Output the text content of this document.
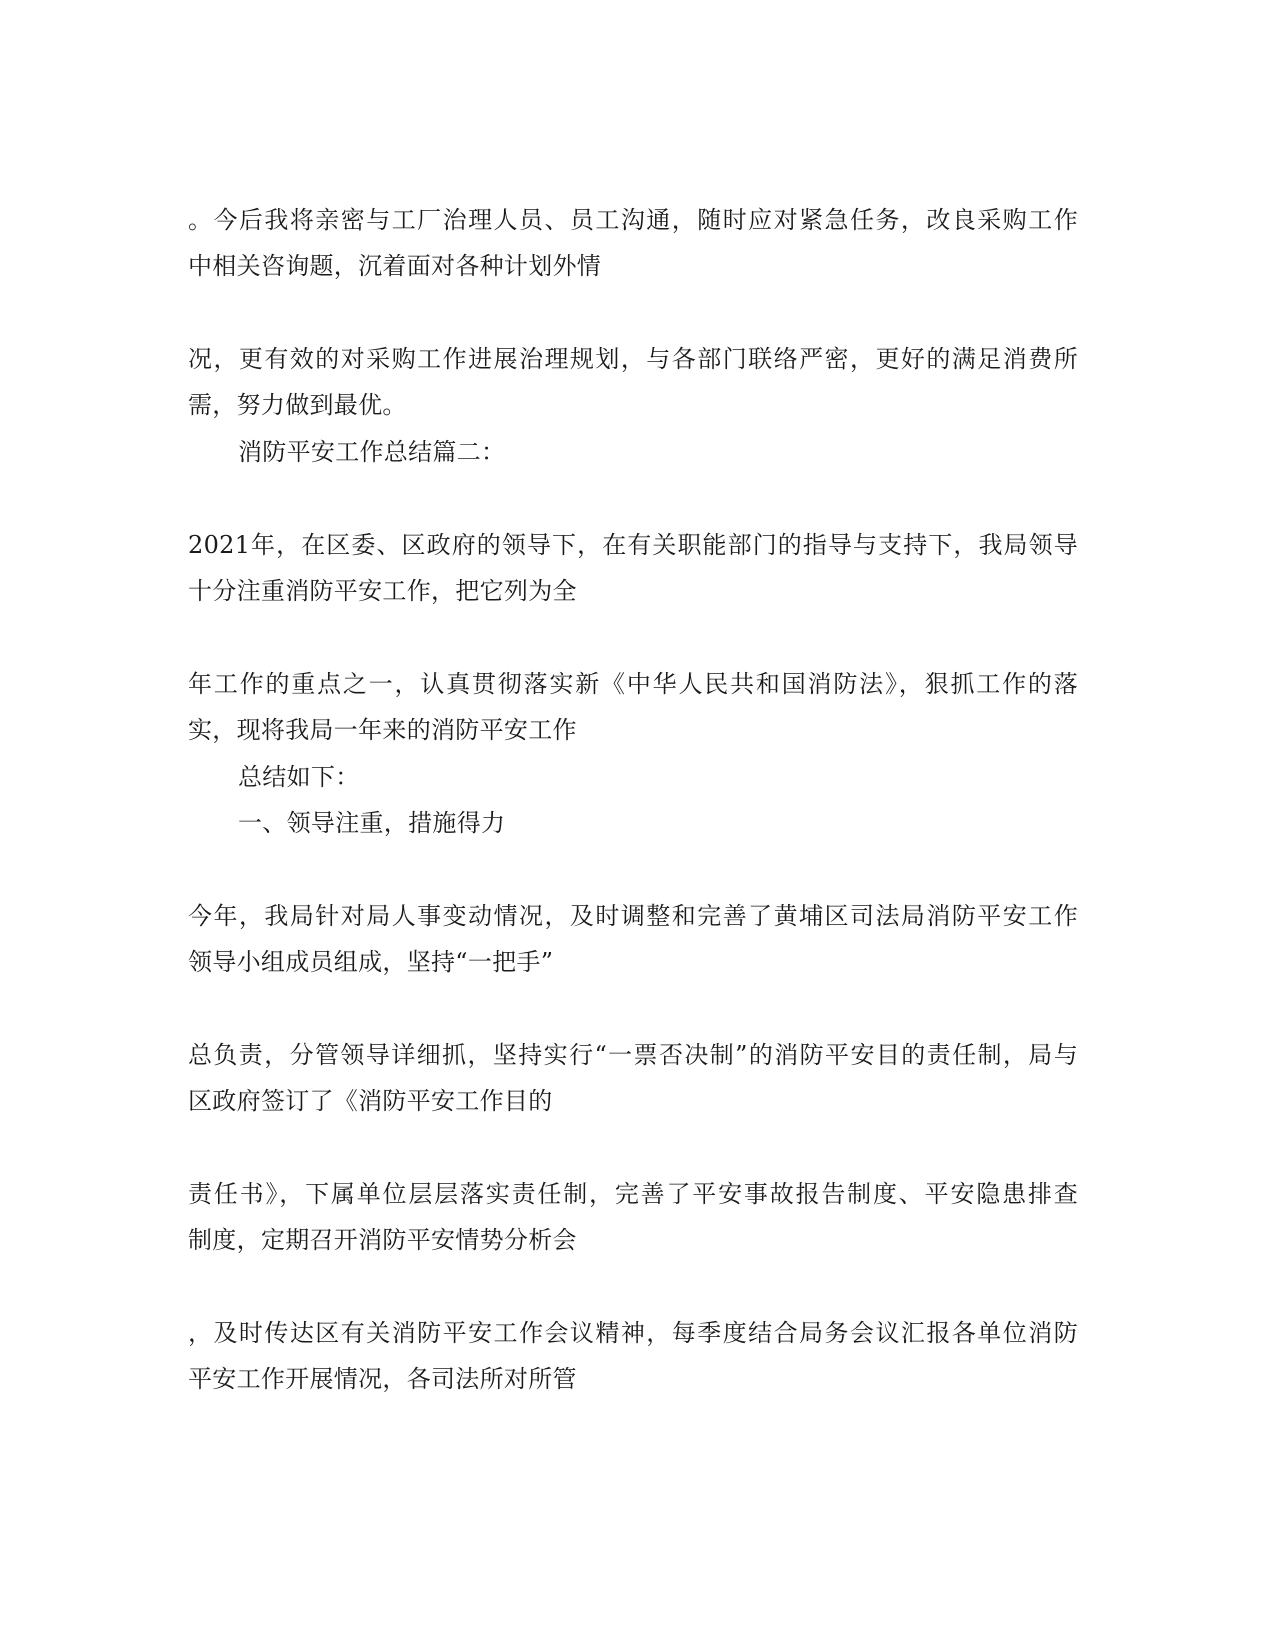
。今后我将亲密与工厂治理人员、员工沟通，随时应对紧急任务，改良采购工作
中相关咨询题，沉着面对各种计划外情
况，更有效的对采购工作进展治理规划，与各部门联络严密，更好的满足消费所
需，努力做到最优。
消防平安工作总结篇二：
2021年，在区委、区政府的领导下，在有关职能部门的指导与支持下，我局领导
十分注重消防平安工作，把它列为全
年工作的重点之一，认真贯彻落实新《中华人民共和国消防法》，狠抓工作的落
实，现将我局一年来的消防平安工作
总结如下：
一、领导注重，措施得力
今年，我局针对局人事变动情况，及时调整和完善了黄埔区司法局消防平安工作
领导小组成员组成，坚持“一把手”
总负责，分管领导详细抓，坚持实行“一票否决制”的消防平安目的责任制，局与
区政府签订了《消防平安工作目的
责任书》，下属单位层层落实责任制，完善了平安事故报告制度、平安隐患排查
制度，定期召开消防平安情势分析会
，及时传达区有关消防平安工作会议精神，每季度结合局务会议汇报各单位消防
平安工作开展情况，各司法所对所管
